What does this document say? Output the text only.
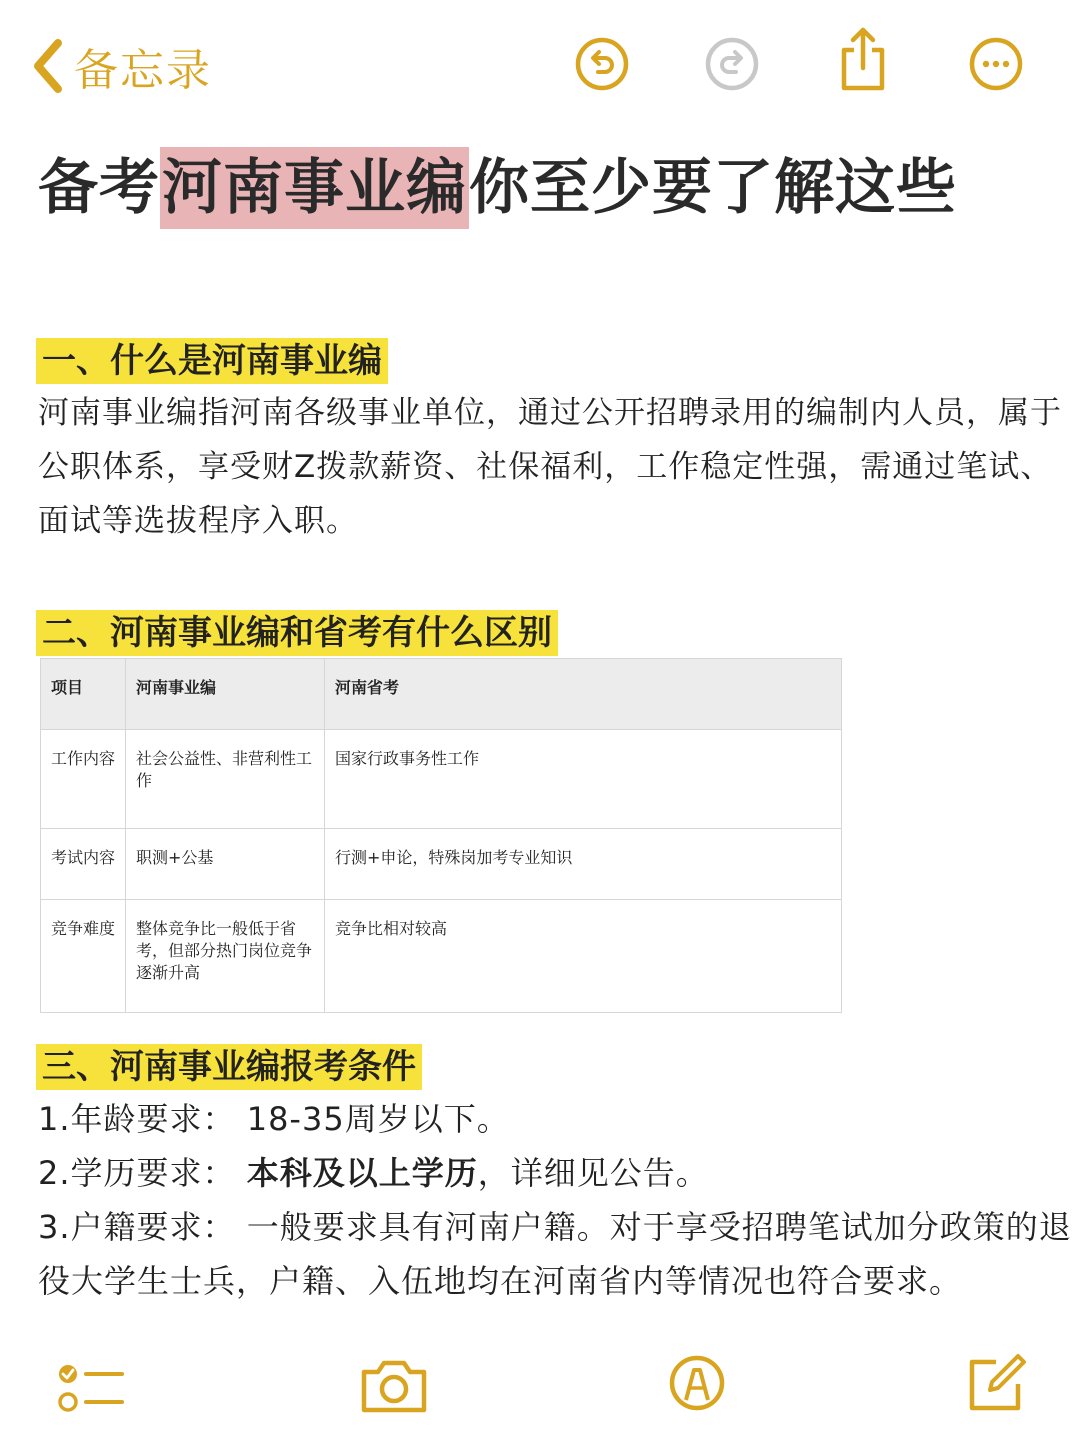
备忘录
备考河南事业编你至少要了解这些
一、什么是河南事业编

河南事业编指河南各级事业单位，通过公开招聘录用的编制内人员，属于公职体系，享受财Z拨款薪资、社保福利，工作稳定性强，需通过笔试、面试等选拔程序入职。

二、河南事业编和省考有什么区别
项目	河南事业编	河南省考
工作内容	社会公益性、非营利性工作	国家行政事务性工作
考试内容	职测+公基	行测+申论，特殊岗加考专业知识
竞争难度	整体竞争比一般低于省考，但部分热门岗位竞争逐渐升高	竞争比相对较高
三、河南事业编报考条件

1.年龄要求： 18-35周岁以下。

2.学历要求： 本科及以上学历，详细见公告。

3.户籍要求： 一般要求具有河南户籍。对于享受招聘笔试加分政策的退

役大学生士兵，户籍、入伍地均在河南省内等情况也符合要求。
